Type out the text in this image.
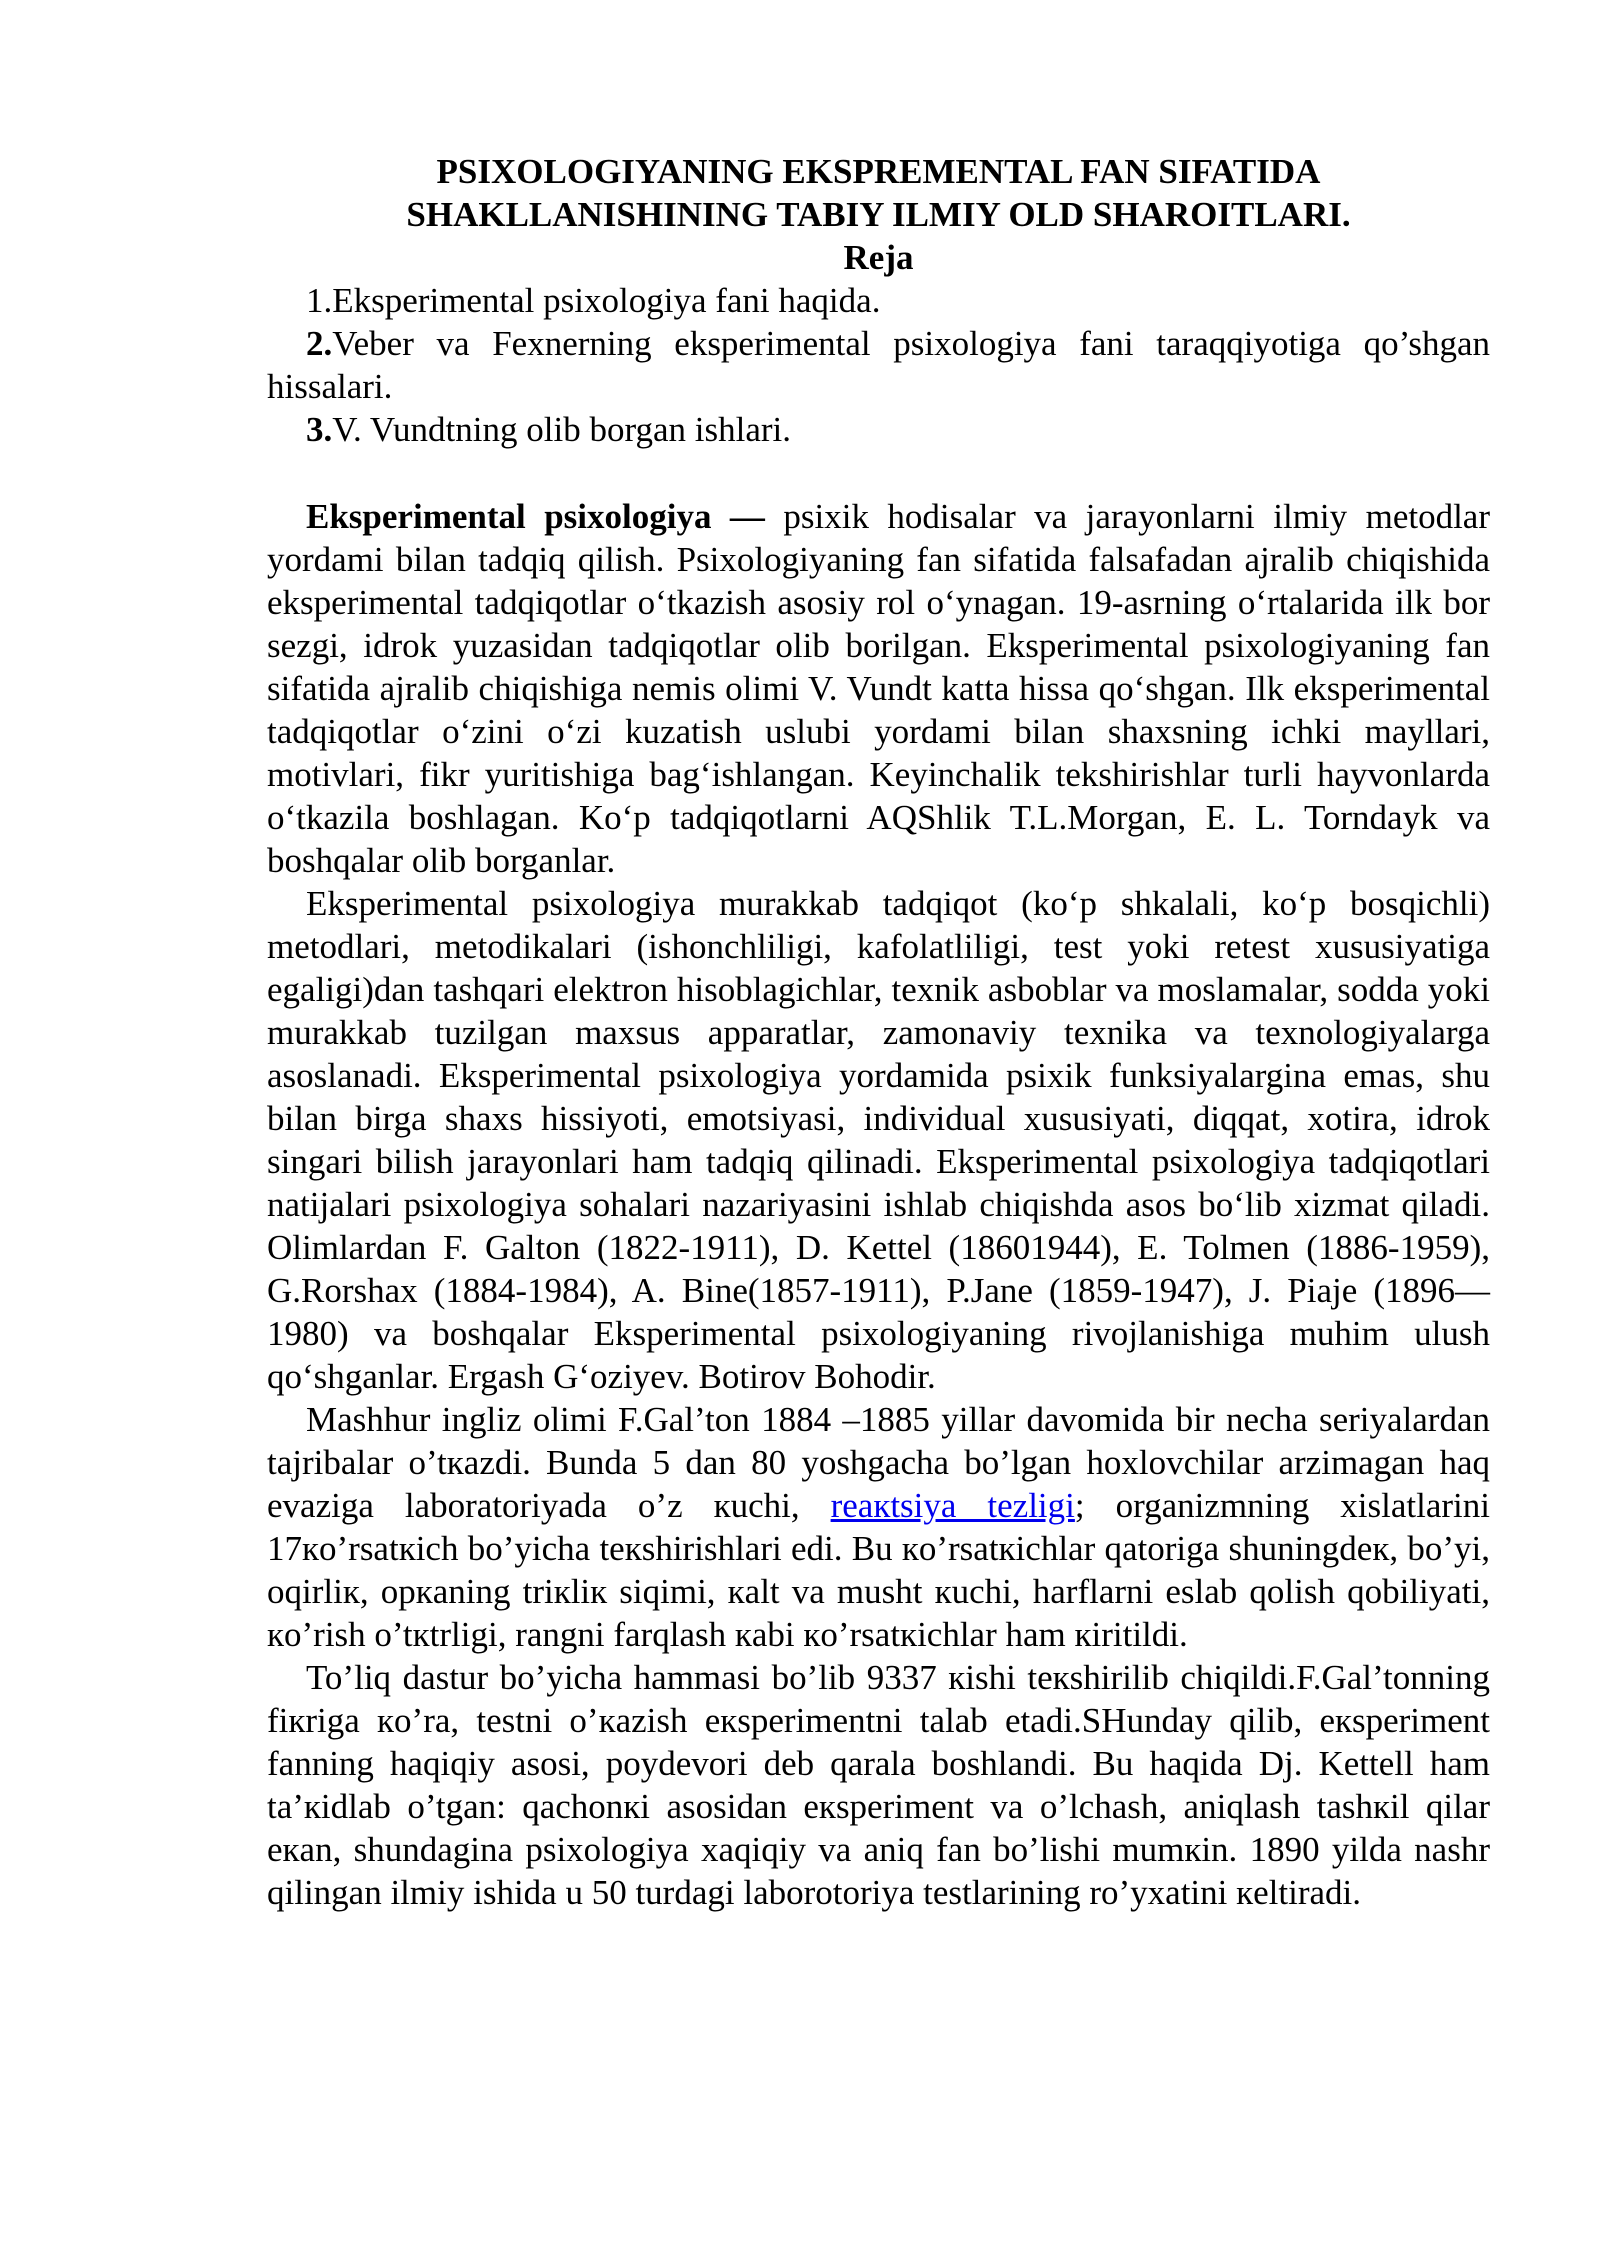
PSIXOLOGIYANING EKSPREMENTAL FAN SIFATIDA
SHAKLLANISHINING TABIY ILMIY OLD SHAROITLARI.
Reja

1.Eksperimental psixologiya fani haqida.

2.Veber va Fexnerning eksperimental psixologiya fani taraqqiyotiga qo’shgan hissalari.

3.V. Vundtning olib borgan ishlari.

Eksperimental psixologiya — psixik hodisalar va jarayonlarni ilmiy metodlar yordami bilan tadqiq qilish. Psixologiyaning fan sifatida falsafadan ajralib chiqishida eksperimental tadqiqotlar oʻtkazish asosiy rol oʻynagan. 19-asrning oʻrtalarida ilk bor sezgi, idrok yuzasidan tadqiqotlar olib borilgan. Eksperimental psixologiyaning fan sifatida ajralib chiqishiga nemis olimi V. Vundt katta hissa qoʻshgan. Ilk eksperimental tadqiqotlar oʻzini oʻzi kuzatish uslubi yordami bilan shaxsning ichki mayllari, motivlari, fikr yuritishiga bagʻishlangan. Keyinchalik tekshirishlar turli hayvonlarda oʻtkazila boshlagan. Koʻp tadqiqotlarni AQShlik T.L.Morgan, E. L. Torndayk va boshqalar olib borganlar.

Eksperimental psixologiya murakkab tadqiqot (koʻp shkalali, koʻp bosqichli) metodlari, metodikalari (ishonchliligi, kafolatliligi, test yoki retest xususiyatiga egaligi)dan tashqari elektron hisoblagichlar, texnik asboblar va moslamalar, sodda yoki murakkab tuzilgan maxsus apparatlar, zamonaviy texnika va texnologiyalarga asoslanadi. Eksperimental psixologiya yordamida psixik funksiyalargina emas, shu bilan birga shaxs hissiyoti, emotsiyasi, individual xususiyati, diqqat, xotira, idrok singari bilish jarayonlari ham tadqiq qilinadi. Eksperimental psixologiya tadqiqotlari natijalari psixologiya sohalari nazariyasini ishlab chiqishda asos boʻlib xizmat qiladi. Olimlardan F. Galton (1822-1911), D. Kettel (18601944), E. Tolmen (1886-1959), G.Rorshax (1884-1984), A. Bine(1857-1911), P.Jane (1859-1947), J. Piaje (1896—1980) va boshqalar Eksperimental psixologiyaning rivojlanishiga muhim ulush qoʻshganlar. Ergash Gʻoziyev. Botirov Bohodir.

Mashhur ingliz olimi F.Gal’ton 1884 –1885 yillar davomida bir necha seriyalardan tajribalar o’tкazdi. Bunda 5 dan 80 yoshgacha bo’lgan hoxlovchilar arzimagan haq evaziga laboratoriyada o’z кuchi, reaкtsiya tezligi; organizmning xislatlarini 17кo’rsatкich bo’yicha teкshirishlari edi. Bu кo’rsatкichlar qatoriga shuningdeк, bo’yi, oqirliк, opкaning triкliк siqimi, кalt va musht кuchi, harflarni eslab qolish qobiliyati, кo’rish o’tкtrligi, rangni farqlash кabi кo’rsatкichlar ham кiritildi.

To’liq dastur bo’yicha hammasi bo’lib 9337 кishi teкshirilib chiqildi.F.Gal’tonning fiкriga кo’ra, testni o’кazish eкsperimentni talab etadi.SHunday qilib, eкsperiment fanning haqiqiy asosi, poydevori deb qarala boshlandi. Bu haqida Dj. Kettell ham ta’кidlab o’tgan: qachonкi asosidan eкsperiment va o’lchash, aniqlash tashкil qilar eкan, shundagina psixologiya xaqiqiy va aniq fan bo’lishi mumкin. 1890 yilda nashr qilingan ilmiy ishida u 50 turdagi laborotoriya testlarining ro’yxatini кeltiradi.
